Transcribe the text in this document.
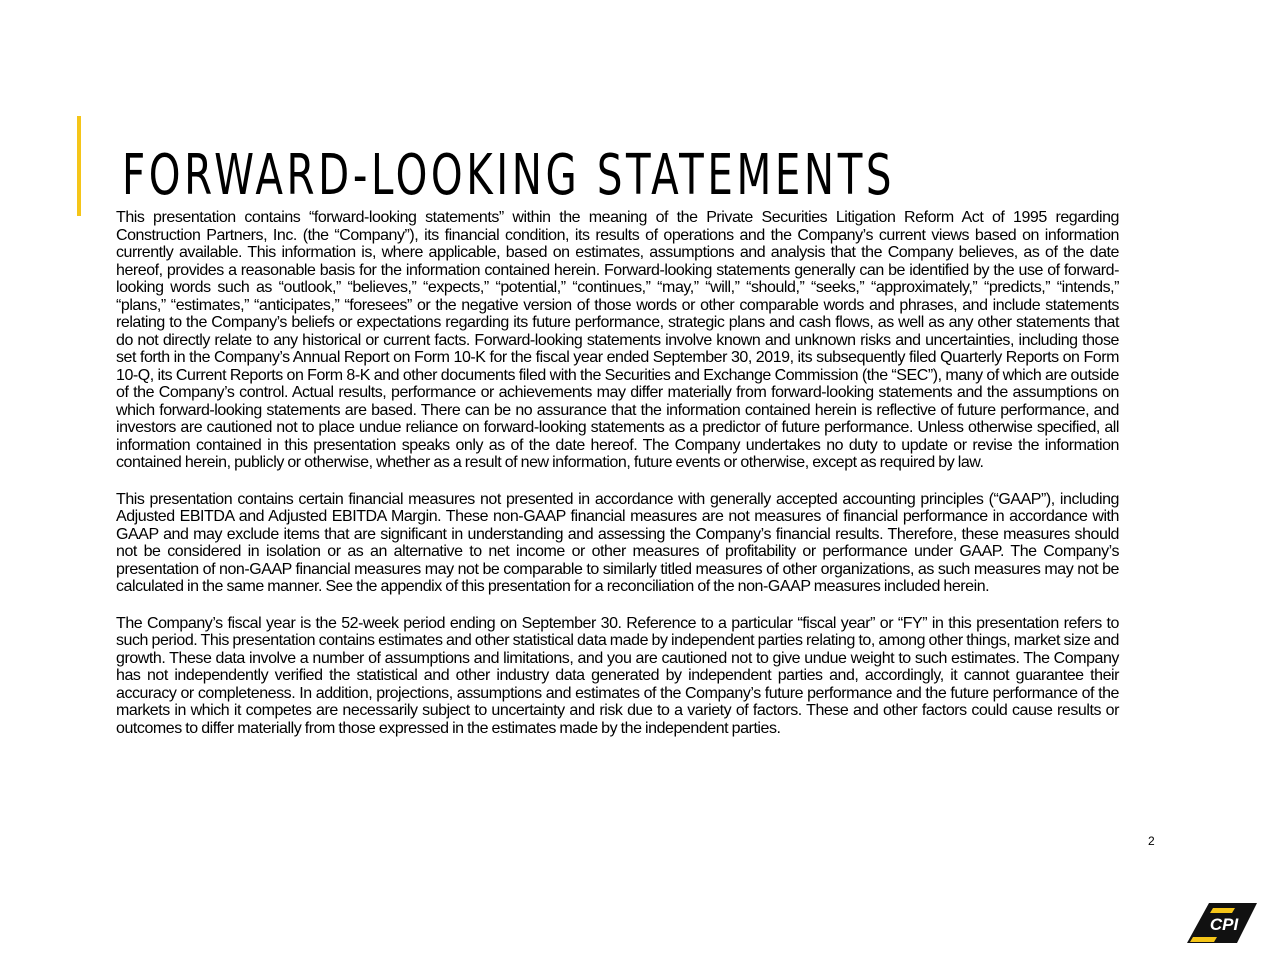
FORWARD-LOOKING STATEMENTS

This presentation contains “forward-looking statements” within the meaning of the Private Securities Litigation Reform Act of 1995 regarding Construction Partners, Inc. (the “Company”), its financial condition, its results of operations and the Company’s current views based on information currently available. This information is, where applicable, based on estimates, assumptions and analysis that the Company believes, as of the date hereof, provides a reasonable basis for the information contained herein. Forward-looking statements generally can be identified by the use of forward-looking words such as “outlook,” “believes,” “expects,” “potential,” “continues,” “may,” “will,” “should,” “seeks,” “approximately,” “predicts,” “intends,” “plans,” “estimates,” “anticipates,” “foresees” or the negative version of those words or other comparable words and phrases, and include statements relating to the Company’s beliefs or expectations regarding its future performance, strategic plans and cash flows, as well as any other statements that do not directly relate to any historical or current facts. Forward-looking statements involve known and unknown risks and uncertainties, including those set forth in the Company’s Annual Report on Form 10-K for the fiscal year ended September 30, 2019, its subsequently filed Quarterly Reports on Form 10-Q, its Current Reports on Form 8-K and other documents filed with the Securities and Exchange Commission (the “SEC”), many of which are outside of the Company’s control. Actual results, performance or achievements may differ materially from forward-looking statements and the assumptions on which forward-looking statements are based. There can be no assurance that the information contained herein is reflective of future performance, and investors are cautioned not to place undue reliance on forward-looking statements as a predictor of future performance. Unless otherwise specified, all information contained in this presentation speaks only as of the date hereof. The Company undertakes no duty to update or revise the information contained herein, publicly or otherwise, whether as a result of new information, future events or otherwise, except as required by law.

This presentation contains certain financial measures not presented in accordance with generally accepted accounting principles (“GAAP”), including Adjusted EBITDA and Adjusted EBITDA Margin. These non-GAAP financial measures are not measures of financial performance in accordance with GAAP and may exclude items that are significant in understanding and assessing the Company’s financial results. Therefore, these measures should not be considered in isolation or as an alternative to net income or other measures of profitability or performance under GAAP. The Company’s presentation of non-GAAP financial measures may not be comparable to similarly titled measures of other organizations, as such measures may not be calculated in the same manner. See the appendix of this presentation for a reconciliation of the non-GAAP measures included herein.

The Company’s fiscal year is the 52-week period ending on September 30. Reference to a particular “fiscal year” or “FY” in this presentation refers to such period. This presentation contains estimates and other statistical data made by independent parties relating to, among other things, market size and growth. These data involve a number of assumptions and limitations, and you are cautioned not to give undue weight to such estimates. The Company has not independently verified the statistical and other industry data generated by independent parties and, accordingly, it cannot guarantee their accuracy or completeness. In addition, projections, assumptions and estimates of the Company’s future performance and the future performance of the markets in which it competes are necessarily subject to uncertainty and risk due to a variety of factors. These and other factors could cause results or outcomes to differ materially from those expressed in the estimates made by the independent parties.

2
CPI
